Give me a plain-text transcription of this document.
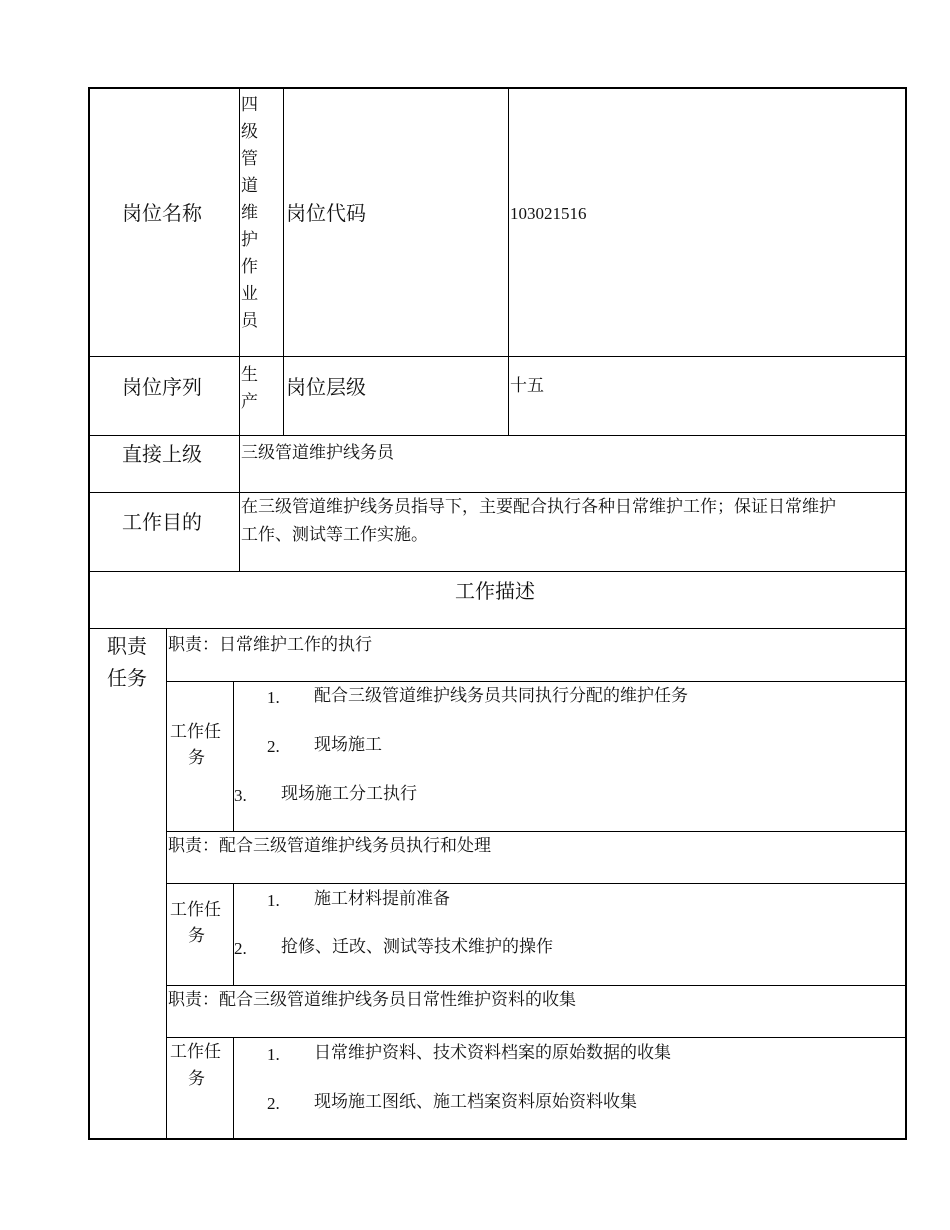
岗位名称
四
级
管
道
维
护
作
业
员
岗位代码	103021516
岗位序列 生
产
岗位层级	十五
直接上级 三级管道维护线务员
工作目的
在三级管道维护线务员指导下，主要配合执行各种日常维护工作；保证日常维护
工作、测试等工作实施。
工作描述
职责
任务
职责：日常维护工作的执行
工作任
务
1. 配合三级管道维护线务员共同执行分配的维护任务
2. 现场施工
3. 现场施工分工执行
职责：配合三级管道维护线务员执行和处理
工作任
务
1. 施工材料提前准备
2. 抢修、迁改、测试等技术维护的操作
职责：配合三级管道维护线务员日常性维护资料的收集
工作任
务
1. 日常维护资料、技术资料档案的原始数据的收集
2. 现场施工图纸、施工档案资料原始资料收集
